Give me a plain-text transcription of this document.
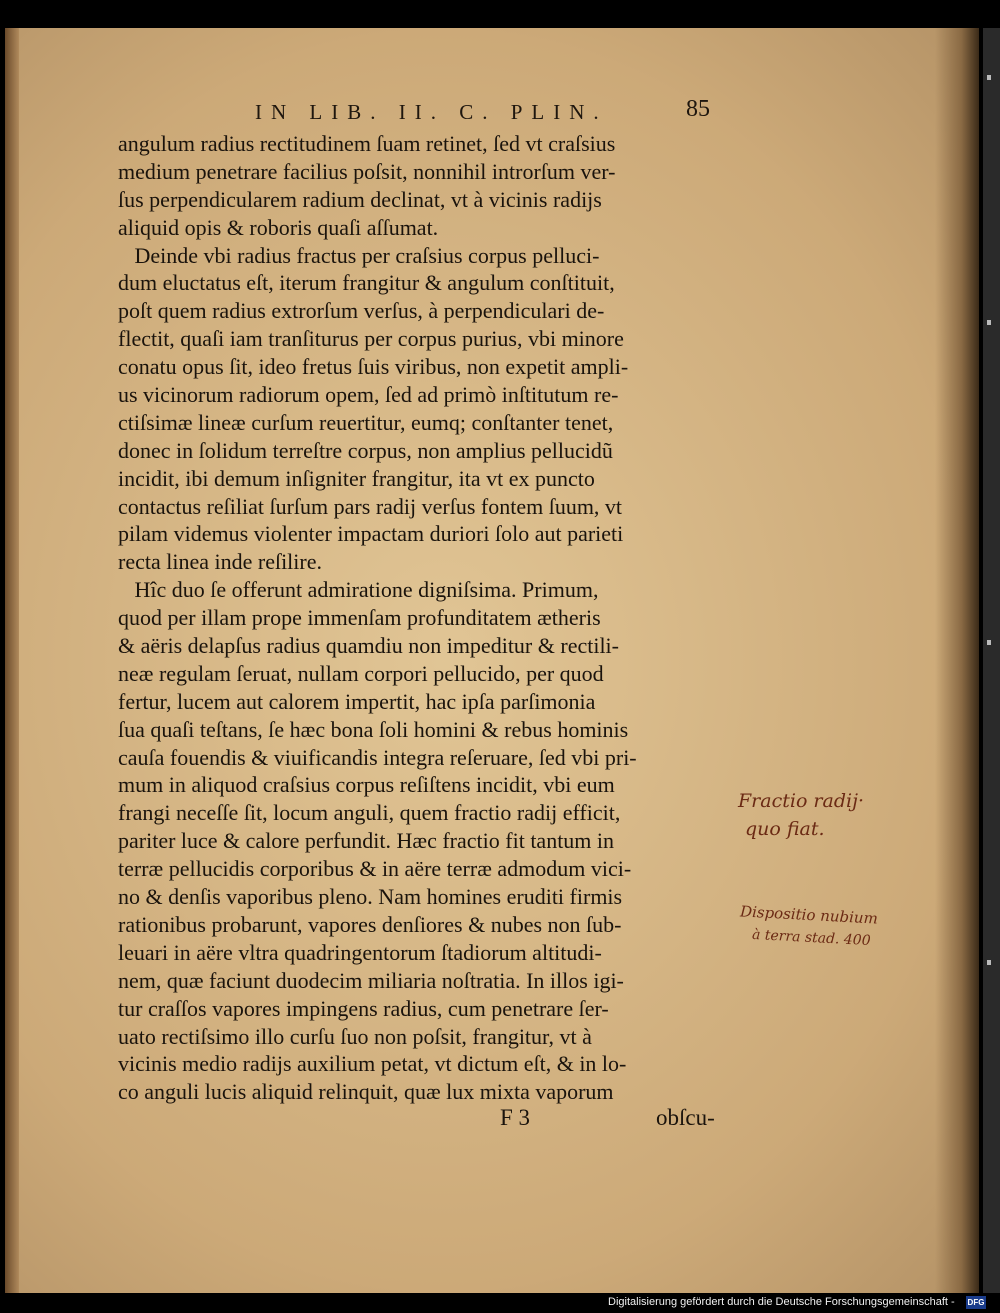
IN LIB. II. C. PLIN.	85
angulum radius rectitudinem ſuam retinet, ſed vt craſsius
medium penetrare facilius poſsit, nonnihil introrſum ver-
ſus perpendicularem radium declinat, vt à vicinis radijs
aliquid opis & roboris quaſi aſſumat.
Deinde vbi radius fractus per craſsius corpus pelluci-
dum eluctatus eſt, iterum frangitur & angulum conſtituit,
poſt quem radius extrorſum verſus, à perpendiculari de-
flectit, quaſi iam tranſiturus per corpus purius, vbi minore
conatu opus ſit, ideo fretus ſuis viribus, non expetit ampli-
us vicinorum radiorum opem, ſed ad primò inſtitutum re-
ctiſsimæ lineæ curſum reuertitur, eumq; conſtanter tenet,
donec in ſolidum terreſtre corpus, non amplius pellucidũ
incidit, ibi demum inſigniter frangitur, ita vt ex puncto
contactus reſiliat ſurſum pars radij verſus fontem ſuum, vt
pilam videmus violenter impactam duriori ſolo aut parieti
recta linea inde reſilire.
Hîc duo ſe offerunt admiratione digniſsima. Primum,
quod per illam prope immenſam profunditatem ætheris
& aëris delapſus radius quamdiu non impeditur & rectili-
neæ regulam ſeruat, nullam corpori pellucido, per quod
fertur, lucem aut calorem impertit, hac ipſa parſimonia
ſua quaſi teſtans, ſe hæc bona ſoli homini & rebus hominis
cauſa fouendis & viuificandis integra reſeruare, ſed vbi pri-
mum in aliquod craſsius corpus reſiſtens incidit, vbi eum
frangi neceſſe ſit, locum anguli, quem fractio radij efficit,
pariter luce & calore perfundit. Hæc fractio fit tantum in
terræ pellucidis corporibus & in aëre terræ admodum vici-
no & denſis vaporibus pleno. Nam homines eruditi firmis
rationibus probarunt, vapores denſiores & nubes non ſub-
leuari in aëre vltra quadringentorum ſtadiorum altitudi-
nem, quæ faciunt duodecim miliaria noſtratia. In illos igi-
tur craſſos vapores impingens radius, cum penetrare ſer-
uato rectiſsimo illo curſu ſuo non poſsit, frangitur, vt à
vicinis medio radijs auxilium petat, vt dictum eſt, & in lo-
co anguli lucis aliquid relinquit, quæ lux mixta vaporum
F 3	obſcu-
Fractio radij·
quo fiat.
Dispositio nubium
à terra stad. 400
Digitalisierung gefördert durch die Deutsche Forschungsgemeinschaft - DFG
